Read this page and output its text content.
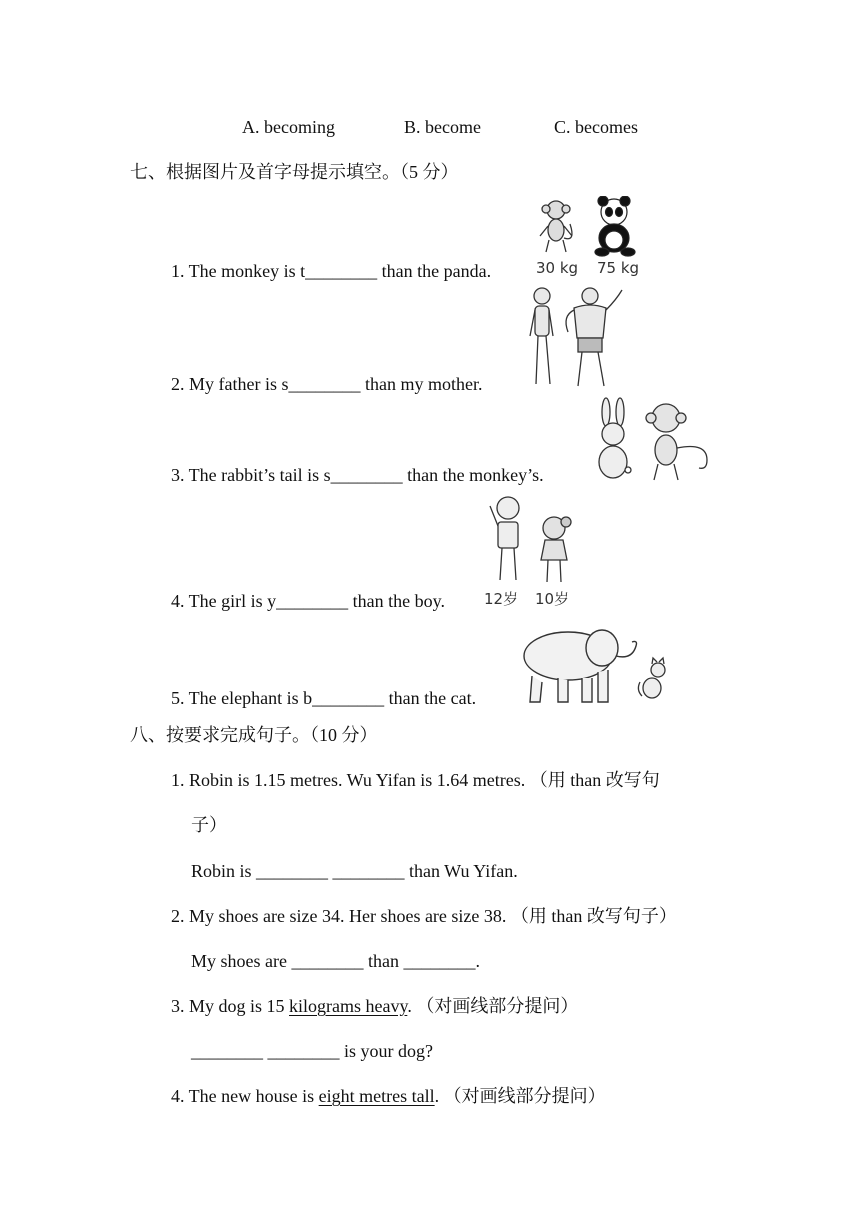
A. becoming	B. become	C. becomes
七、根据图片及首字母提示填空。（5 分）
1. The monkey is t________ than the panda.
2. My father is s________ than my mother.
3. The rabbit’s tail is s________ than the monkey’s.
4. The girl is y________ than the boy.
5. The elephant is b________ than the cat.
30 kg 75 kg
12岁 10岁
八、按要求完成句子。（10 分）
1. Robin is 1.15 metres. Wu Yifan is 1.64 metres. （用 than 改写句
子）
Robin is ________ ________ than Wu Yifan.
2. My shoes are size 34. Her shoes are size 38. （用 than 改写句子）
My shoes are ________ than ________.
3. My dog is 15 kilograms heavy. （对画线部分提问）
________ ________ is your dog?
4. The new house is eight metres tall. （对画线部分提问）
